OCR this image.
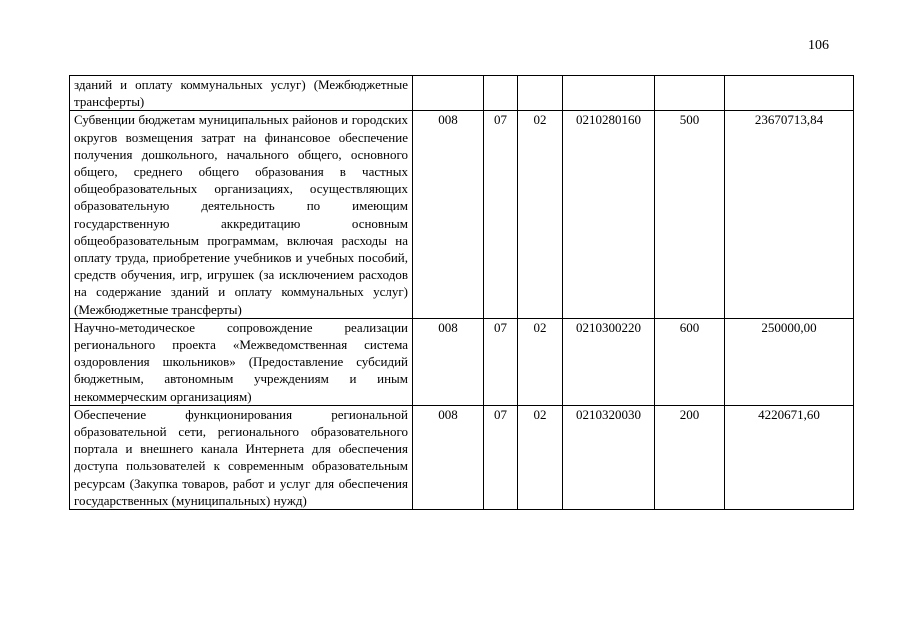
106
зданий и оплату коммунальных услуг) (Межбюджетные трансферты)						
Субвенции бюджетам муниципальных районов и городских округов возмещения затрат на финансовое обеспечение получения дошкольного, начального общего, основного общего, среднего общего образования в частных общеобразовательных организациях, осуществляющих образовательную деятельность по имеющим государственную аккредитацию основным общеобразовательным программам, включая расходы на оплату труда, приобретение учебников и учебных пособий, средств обучения, игр, игрушек (за исключением расходов на содержание зданий и оплату коммунальных услуг) (Межбюджетные трансферты)	008	07	02	0210280160	500	23670713,84
Научно-методическое сопровождение реализации регионального проекта «Межведомственная система оздоровления школьников» (Предоставление субсидий бюджетным, автономным учреждениям и иным некоммерческим организациям)	008	07	02	0210300220	600	250000,00
Обеспечение функционирования региональной образовательной сети, регионального образовательного портала и внешнего канала Интернета для обеспечения доступа пользователей к современным образовательным ресурсам (Закупка товаров, работ и услуг для обеспечения государственных (муниципальных) нужд)	008	07	02	0210320030	200	4220671,60
